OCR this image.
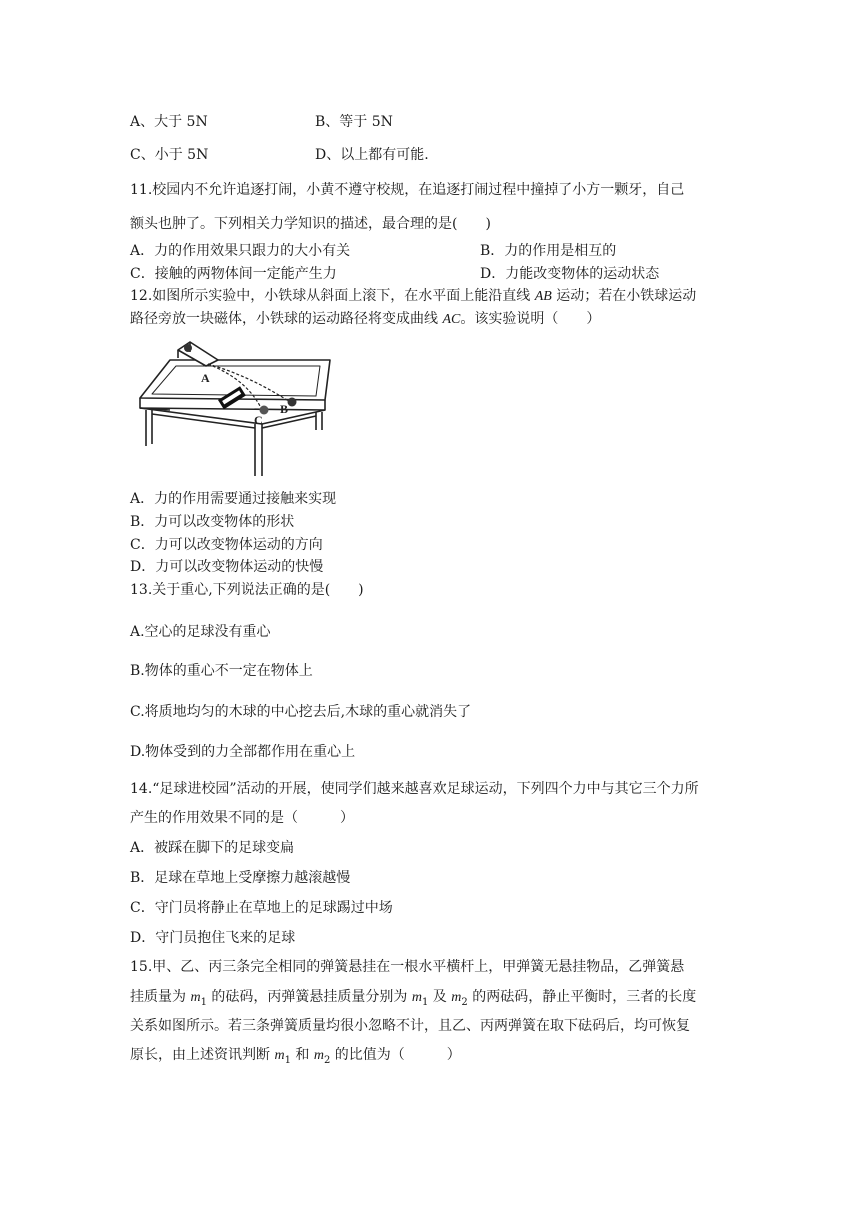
A、大于 5N	B、等于 5N
C、小于 5N	D、以上都有可能.
11.校园内不允许追逐打闹，小黄不遵守校规，在追逐打闹过程中撞掉了小方一颗牙，自己
额头也肿了。下列相关力学知识的描述，最合理的是(　　)
A．力的作用效果只跟力的大小有关	B．力的作用是相互的
C．接触的两物体间一定能产生力	D．力能改变物体的运动状态
12.如图所示实验中，小铁球从斜面上滚下，在水平面上能沿直线 AB 运动；若在小铁球运动
路径旁放一块磁体，小铁球的运动路径将变成曲线 AC。该实验说明（　　）
A
B
C
A．力的作用需要通过接触来实现
B．力可以改变物体的形状
C．力可以改变物体运动的方向
D．力可以改变物体运动的快慢
13.关于重心,下列说法正确的是(　　)
A.空心的足球没有重心
B.物体的重心不一定在物体上
C.将质地均匀的木球的中心挖去后,木球的重心就消失了
D.物体受到的力全部都作用在重心上
14.“足球进校园”活动的开展，使同学们越来越喜欢足球运动，下列四个力中与其它三个力所
产生的作用效果不同的是（　　　）
A．被踩在脚下的足球变扁
B．足球在草地上受摩擦力越滚越慢
C．守门员将静止在草地上的足球踢过中场
D．守门员抱住飞来的足球
15.甲、乙、丙三条完全相同的弹簧悬挂在一根水平横杆上，甲弹簧无悬挂物品，乙弹簧悬
挂质量为 $m_1$ 的砝码，丙弹簧悬挂质量分别为 $m_1$ 及 $m_2$ 的两砝码，静止平衡时，三者的长度
关系如图所示。若三条弹簧质量均很小忽略不计，且乙、丙两弹簧在取下砝码后，均可恢复
原长，由上述资讯判断 $m_1$ 和 $m_2$ 的比值为（　　　）
